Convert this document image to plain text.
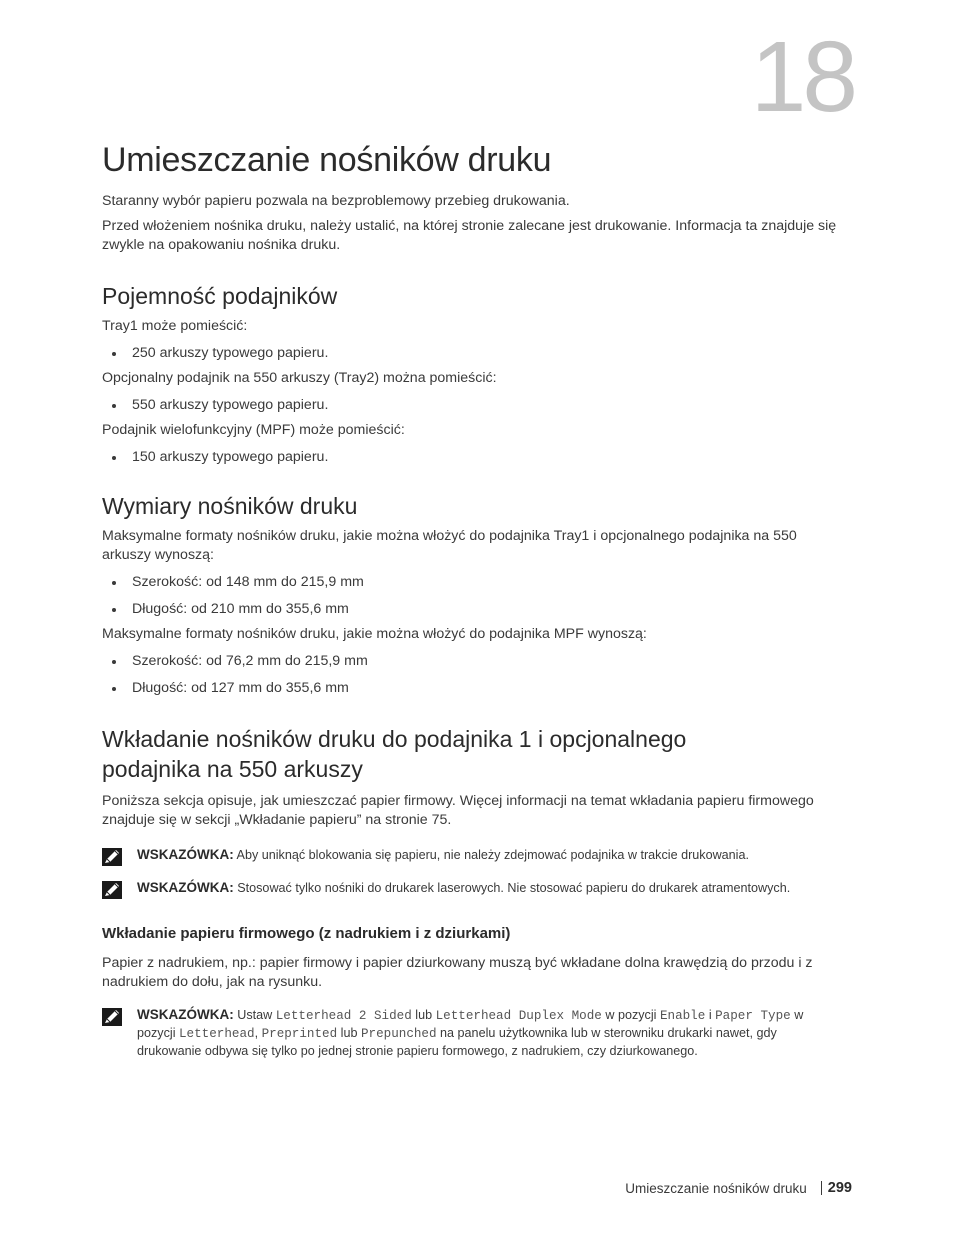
18
Umieszczanie nośników druku

Staranny wybór papieru pozwala na bezproblemowy przebieg drukowania.

Przed włożeniem nośnika druku, należy ustalić, na której stronie zalecane jest drukowanie. Informacja ta znajduje się zwykle na opakowaniu nośnika druku.

Pojemność podajników

Tray1 może pomieścić:

250 arkuszy typowego papieru.

Opcjonalny podajnik na 550 arkuszy (Tray2) można pomieścić:

550 arkuszy typowego papieru.

Podajnik wielofunkcyjny (MPF) może pomieścić:

150 arkuszy typowego papieru.
Wymiary nośników druku

Maksymalne formaty nośników druku, jakie można włożyć do podajnika Tray1 i opcjonalnego podajnika na 550 arkuszy wynoszą:

Szerokość: od 148 mm do 215,9 mm
Długość: od 210 mm do 355,6 mm

Maksymalne formaty nośników druku, jakie można włożyć do podajnika MPF wynoszą:

Szerokość: od 76,2 mm do 215,9 mm
Długość: od 127 mm do 355,6 mm
Wkładanie nośników druku do podajnika 1 i opcjonalnego
podajnika na 550 arkuszy

Poniższa sekcja opisuje, jak umieszczać papier firmowy. Więcej informacji na temat wkładania papieru firmowego znajduje się w sekcji „Wkładanie papieru” na stronie 75.

WSKAZÓWKA: Aby uniknąć blokowania się papieru, nie należy zdejmować podajnika w trakcie drukowania.
WSKAZÓWKA: Stosować tylko nośniki do drukarek laserowych. Nie stosować papieru do drukarek atramentowych.
Wkładanie papieru firmowego (z nadrukiem i z dziurkami)

Papier z nadrukiem, np.: papier firmowy i papier dziurkowany muszą być wkładane dolna krawędzią do przodu i z nadrukiem do dołu, jak na rysunku.

WSKAZÓWKA: Ustaw Letterhead 2 Sided lub Letterhead Duplex Mode w pozycji Enable i Paper Type w pozycji Letterhead, Preprinted lub Prepunched na panelu użytkownika lub w sterowniku drukarki nawet, gdy drukowanie odbywa się tylko po jednej stronie papieru formowego, z nadrukiem, czy dziurkowanego.
Umieszczanie nośników druku 299
